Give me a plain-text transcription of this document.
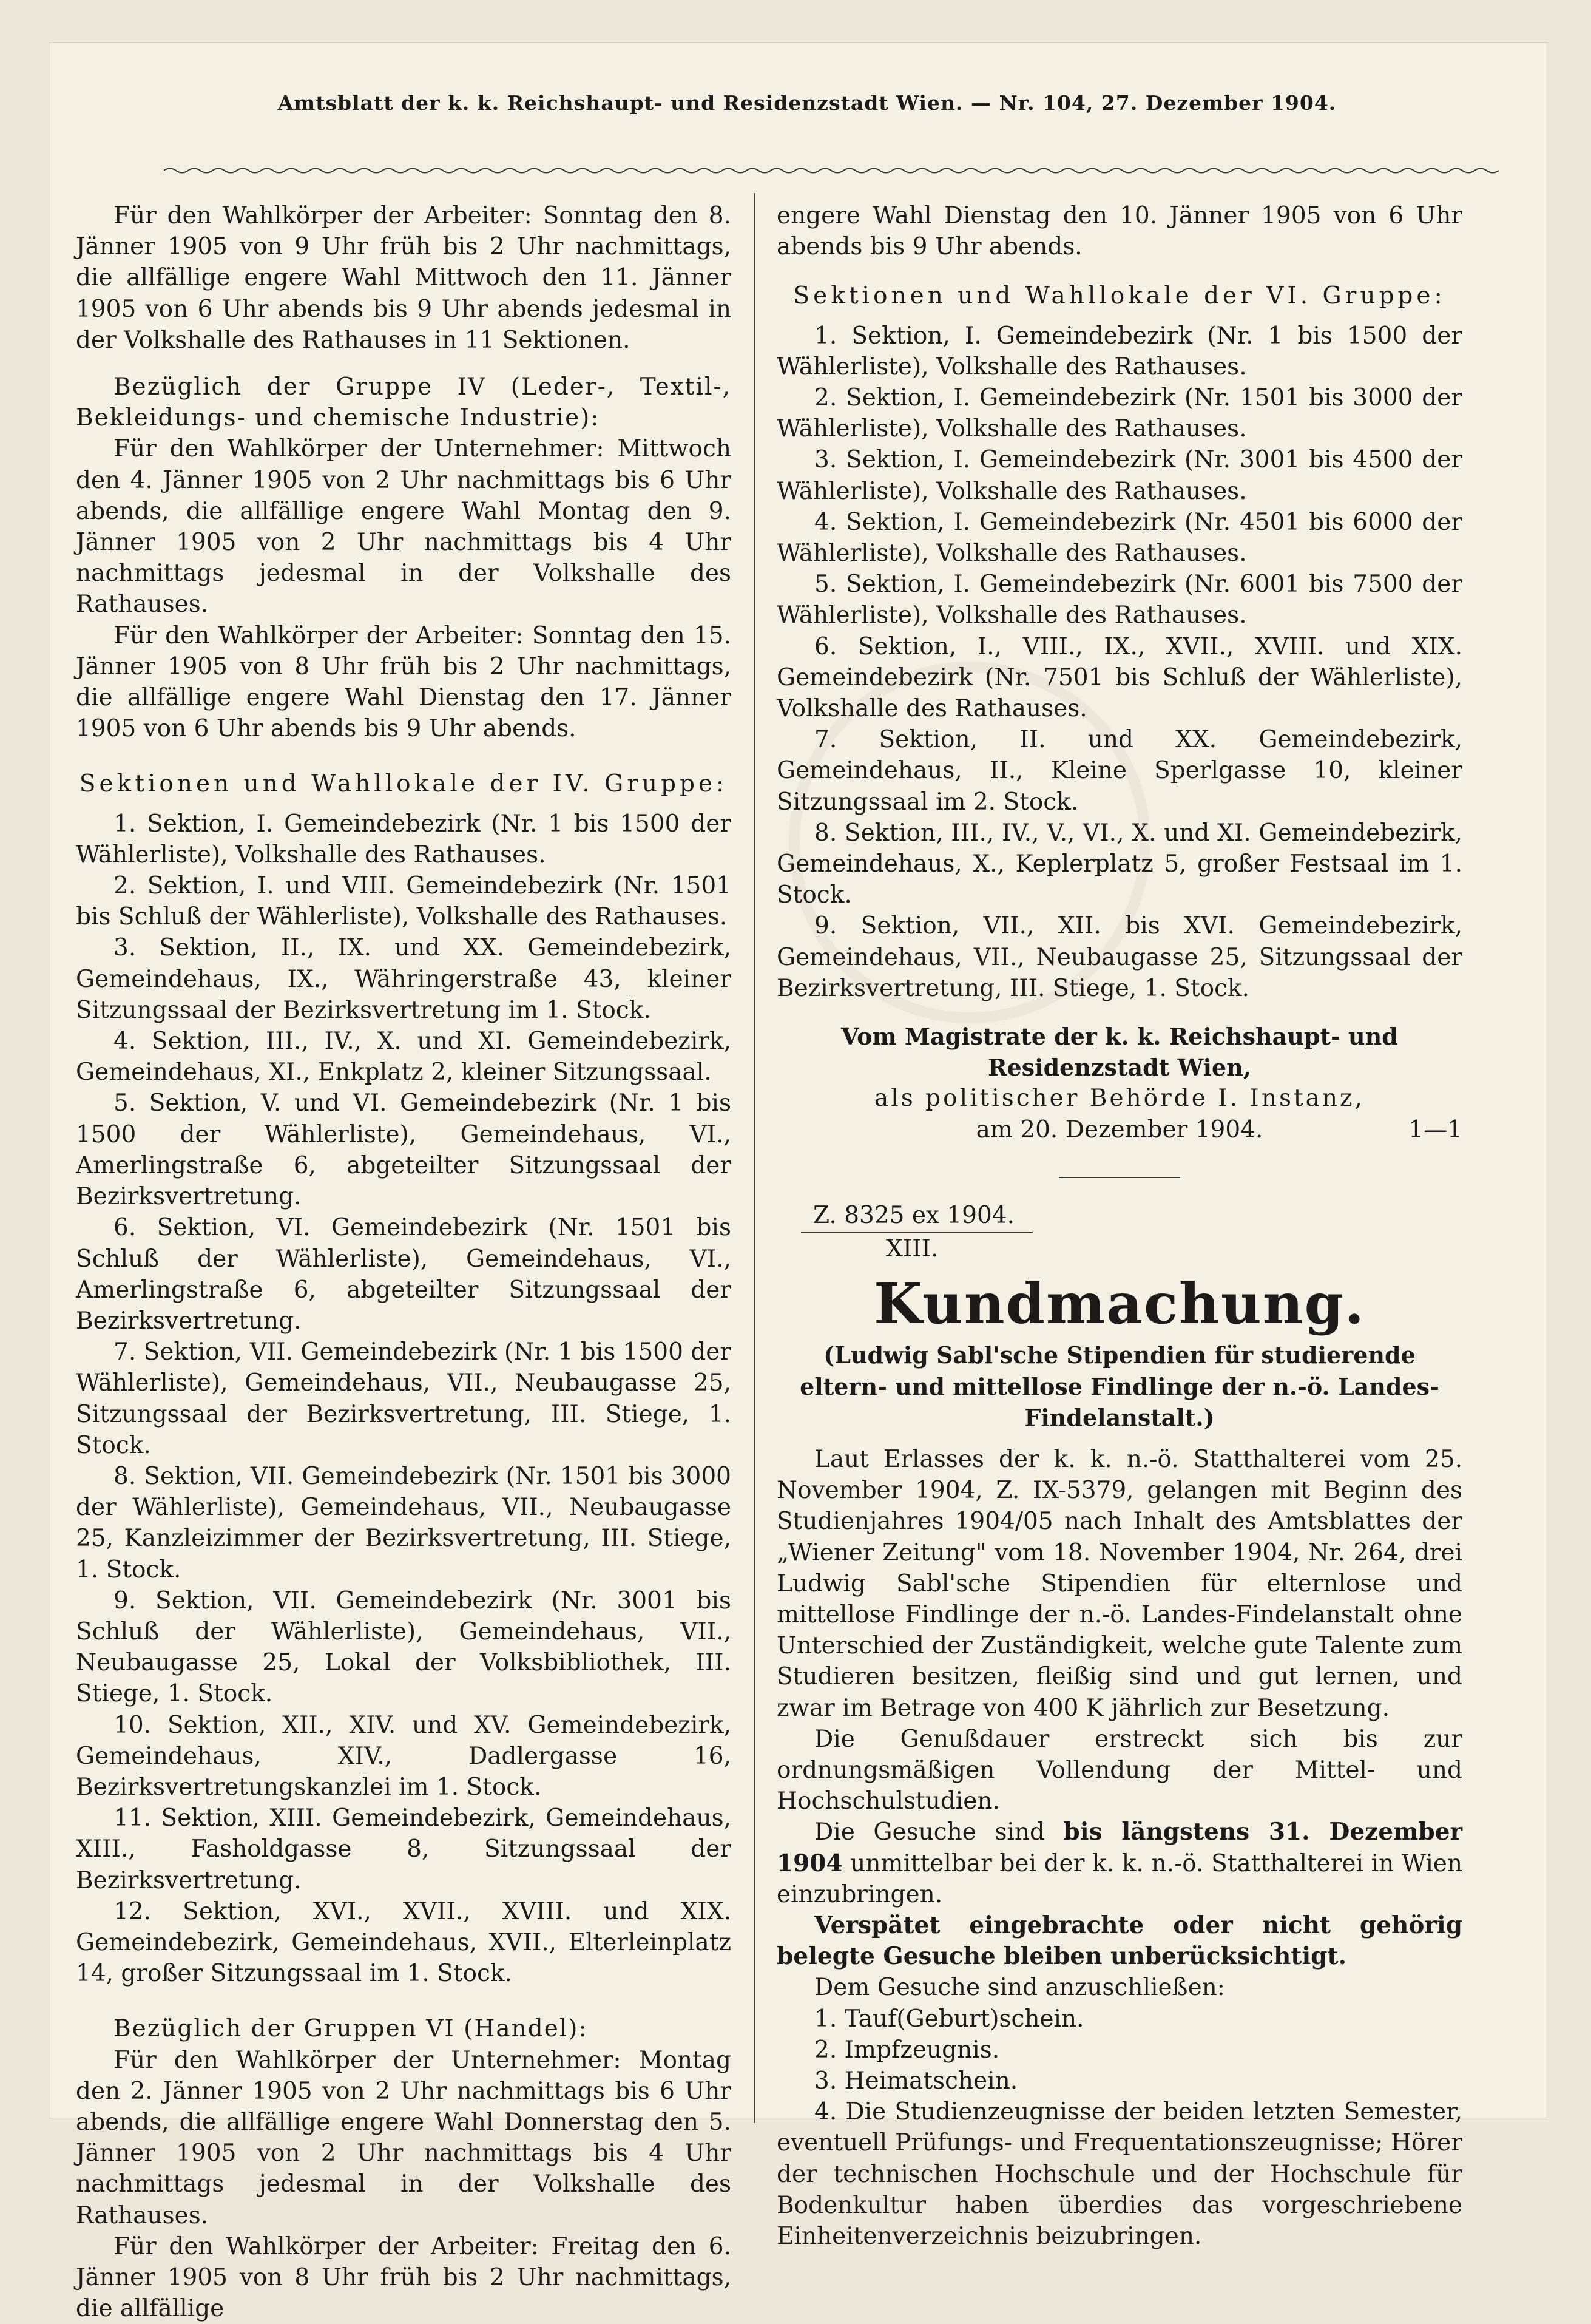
Amtsblatt der k. k. Reichshaupt- und Residenzstadt Wien. — Nr. 104, 27. Dezember 1904.

Für den Wahlkörper der Arbeiter: Sonntag den 8. Jänner 1905 von 9 Uhr früh bis 2 Uhr nachmittags, die allfällige engere Wahl Mittwoch den 11. Jänner 1905 von 6 Uhr abends bis 9 Uhr abends jedesmal in der Volkshalle des Rathauses in 11 Sektionen.

Bezüglich der Gruppe IV (Leder-, Textil-, Bekleidungs- und chemische Industrie):

Für den Wahlkörper der Unternehmer: Mittwoch den 4. Jänner 1905 von 2 Uhr nachmittags bis 6 Uhr abends, die allfällige engere Wahl Montag den 9. Jänner 1905 von 2 Uhr nachmittags bis 4 Uhr nachmittags jedesmal in der Volkshalle des Rathauses.

Für den Wahlkörper der Arbeiter: Sonntag den 15. Jänner 1905 von 8 Uhr früh bis 2 Uhr nachmittags, die allfällige engere Wahl Dienstag den 17. Jänner 1905 von 6 Uhr abends bis 9 Uhr abends.

Sektionen und Wahllokale der IV. Gruppe:

1. Sektion, I. Gemeindebezirk (Nr. 1 bis 1500 der Wählerliste), Volkshalle des Rathauses.

2. Sektion, I. und VIII. Gemeindebezirk (Nr. 1501 bis Schluß der Wählerliste), Volkshalle des Rathauses.

3. Sektion, II., IX. und XX. Gemeindebezirk, Gemeindehaus, IX., Währingerstraße 43, kleiner Sitzungssaal der Bezirksvertretung im 1. Stock.

4. Sektion, III., IV., X. und XI. Gemeindebezirk, Gemeindehaus, XI., Enkplatz 2, kleiner Sitzungssaal.

5. Sektion, V. und VI. Gemeindebezirk (Nr. 1 bis 1500 der Wählerliste), Gemeindehaus, VI., Amerlingstraße 6, abgeteilter Sitzungssaal der Bezirksvertretung.

6. Sektion, VI. Gemeindebezirk (Nr. 1501 bis Schluß der Wählerliste), Gemeindehaus, VI., Amerlingstraße 6, abgeteilter Sitzungssaal der Bezirksvertretung.

7. Sektion, VII. Gemeindebezirk (Nr. 1 bis 1500 der Wählerliste), Gemeindehaus, VII., Neubaugasse 25, Sitzungssaal der Bezirksvertretung, III. Stiege, 1. Stock.

8. Sektion, VII. Gemeindebezirk (Nr. 1501 bis 3000 der Wählerliste), Gemeindehaus, VII., Neubaugasse 25, Kanzleizimmer der Bezirksvertretung, III. Stiege, 1. Stock.

9. Sektion, VII. Gemeindebezirk (Nr. 3001 bis Schluß der Wählerliste), Gemeindehaus, VII., Neubaugasse 25, Lokal der Volksbibliothek, III. Stiege, 1. Stock.

10. Sektion, XII., XIV. und XV. Gemeindebezirk, Gemeindehaus, XIV., Dadlergasse 16, Bezirksvertretungskanzlei im 1. Stock.

11. Sektion, XIII. Gemeindebezirk, Gemeindehaus, XIII., Fasholdgasse 8, Sitzungssaal der Bezirksvertretung.

12. Sektion, XVI., XVII., XVIII. und XIX. Gemeindebezirk, Gemeindehaus, XVII., Elterleinplatz 14, großer Sitzungssaal im 1. Stock.

Bezüglich der Gruppen VI (Handel):

Für den Wahlkörper der Unternehmer: Montag den 2. Jänner 1905 von 2 Uhr nachmittags bis 6 Uhr abends, die allfällige engere Wahl Donnerstag den 5. Jänner 1905 von 2 Uhr nachmittags bis 4 Uhr nachmittags jedesmal in der Volkshalle des Rathauses.

Für den Wahlkörper der Arbeiter: Freitag den 6. Jänner 1905 von 8 Uhr früh bis 2 Uhr nachmittags, die allfällige

engere Wahl Dienstag den 10. Jänner 1905 von 6 Uhr abends bis 9 Uhr abends.

Sektionen und Wahllokale der VI. Gruppe:

1. Sektion, I. Gemeindebezirk (Nr. 1 bis 1500 der Wählerliste), Volkshalle des Rathauses.

2. Sektion, I. Gemeindebezirk (Nr. 1501 bis 3000 der Wählerliste), Volkshalle des Rathauses.

3. Sektion, I. Gemeindebezirk (Nr. 3001 bis 4500 der Wählerliste), Volkshalle des Rathauses.

4. Sektion, I. Gemeindebezirk (Nr. 4501 bis 6000 der Wählerliste), Volkshalle des Rathauses.

5. Sektion, I. Gemeindebezirk (Nr. 6001 bis 7500 der Wählerliste), Volkshalle des Rathauses.

6. Sektion, I., VIII., IX., XVII., XVIII. und XIX. Gemeindebezirk (Nr. 7501 bis Schluß der Wählerliste), Volkshalle des Rathauses.

7. Sektion, II. und XX. Gemeindebezirk, Gemeindehaus, II., Kleine Sperlgasse 10, kleiner Sitzungssaal im 2. Stock.

8. Sektion, III., IV., V., VI., X. und XI. Gemeindebezirk, Gemeindehaus, X., Keplerplatz 5, großer Festsaal im 1. Stock.

9. Sektion, VII., XII. bis XVI. Gemeindebezirk, Gemeindehaus, VII., Neubaugasse 25, Sitzungssaal der Bezirksvertretung, III. Stiege, 1. Stock.

Vom Magistrate der k. k. Reichshaupt- und Residenzstadt Wien,

als politischer Behörde I. Instanz,

am 20. Dezember 1904.	1—1

Z. 8325 ex 1904.
XIII.

Kundmachung.

(Ludwig Sabl'sche Stipendien für studierende eltern- und mittellose Findlinge der n.-ö. Landes-Findelanstalt.)

Laut Erlasses der k. k. n.-ö. Statthalterei vom 25. November 1904, Z. IX-5379, gelangen mit Beginn des Studienjahres 1904/05 nach Inhalt des Amtsblattes der „Wiener Zeitung" vom 18. November 1904, Nr. 264, drei Ludwig Sabl'sche Stipendien für elternlose und mittellose Findlinge der n.-ö. Landes-Findelanstalt ohne Unterschied der Zuständigkeit, welche gute Talente zum Studieren besitzen, fleißig sind und gut lernen, und zwar im Betrage von 400 K jährlich zur Besetzung.

Die Genußdauer erstreckt sich bis zur ordnungsmäßigen Vollendung der Mittel- und Hochschulstudien.

Die Gesuche sind bis längstens 31. Dezember 1904 unmittelbar bei der k. k. n.-ö. Statthalterei in Wien einzubringen.

Verspätet eingebrachte oder nicht gehörig belegte Gesuche bleiben unberücksichtigt.

Dem Gesuche sind anzuschließen:

1. Tauf(Geburt)schein.

2. Impfzeugnis.

3. Heimatschein.

4. Die Studienzeugnisse der beiden letzten Semester, eventuell Prüfungs- und Frequentationszeugnisse; Hörer der technischen Hochschule und der Hochschule für Bodenkultur haben überdies das vorgeschriebene Einheitenverzeichnis beizubringen.
